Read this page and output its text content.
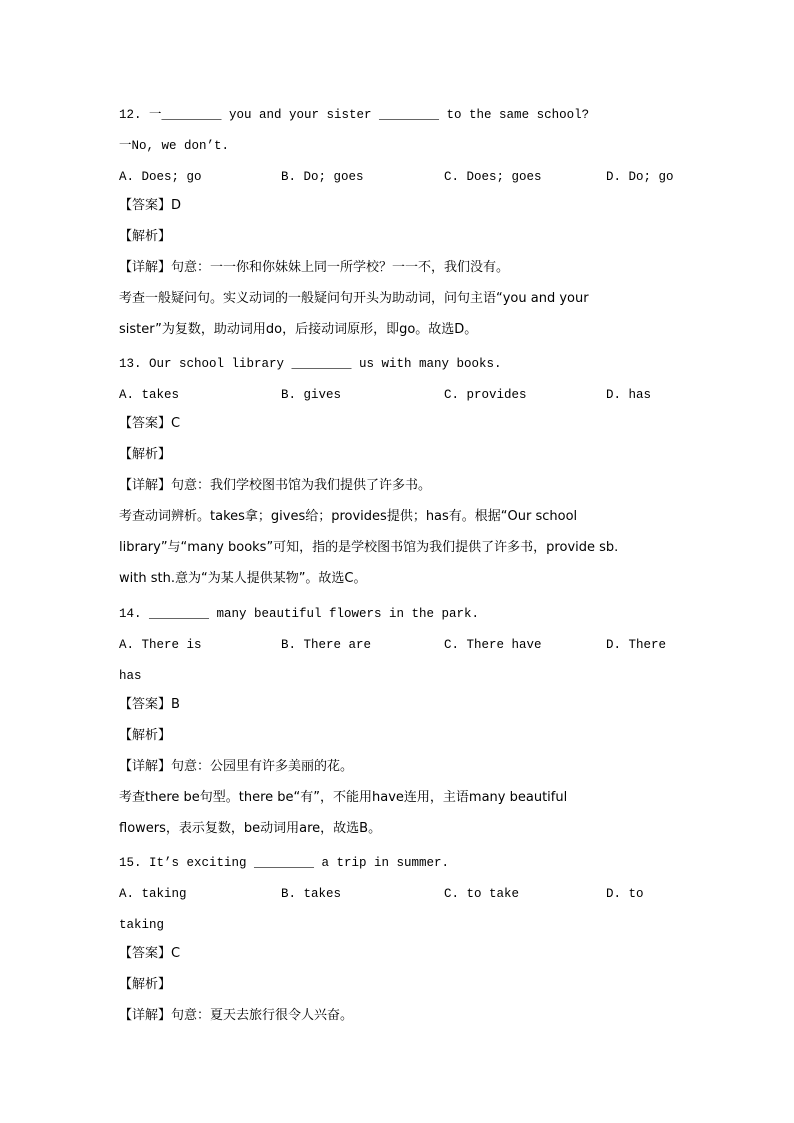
12. 一________ you and your sister ________ to the same school?
一No, we don’t.
A. Does; go	B. Do; goes	C. Does; goes	D. Do; go
【答案】D
【解析】
【详解】句意：一一你和你妹妹上同一所学校？一一不，我们没有。
考查一般疑问句。实义动词的一般疑问句开头为助动词，问句主语“you and your
sister”为复数，助动词用do，后接动词原形，即go。故选D。
13. Our school library ________ us with many books.
A. takes	B. gives	C. provides	D. has
【答案】C
【解析】
【详解】句意：我们学校图书馆为我们提供了许多书。
考查动词辨析。takes拿；gives给；provides提供；has有。根据“Our school
library”与“many books”可知，指的是学校图书馆为我们提供了许多书，provide sb.
with sth.意为“为某人提供某物”。故选C。
14. ________ many beautiful flowers in the park.
A. There is	B. There are	C. There have	D. There
has
【答案】B
【解析】
【详解】句意：公园里有许多美丽的花。
考查there be句型。there be“有”，不能用have连用，主语many beautiful
flowers，表示复数，be动词用are，故选B。
15. It’s exciting ________ a trip in summer.
A. taking	B. takes	C. to take	D. to
taking
【答案】C
【解析】
【详解】句意：夏天去旅行很令人兴奋。
